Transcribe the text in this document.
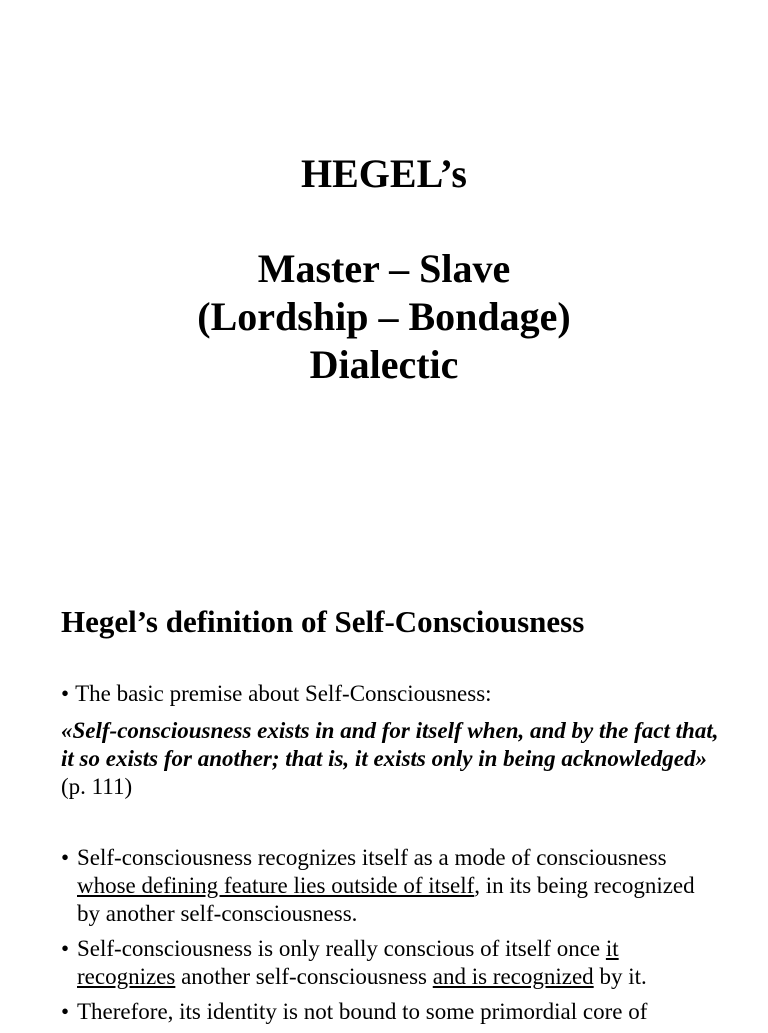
HEGEL’s
Master – Slave
(Lordship – Bondage)
Dialectic
Hegel’s definition of Self-Consciousness
• The basic premise about Self-Consciousness:
«Self-consciousness exists in and for itself when, and by the fact that, it so exists for another; that is, it exists only in being acknowledged» (p. 111)
• Self-consciousness recognizes itself as a mode of consciousness whose defining feature lies outside of itself, in its being recognized by another self-consciousness.
• Self-consciousness is only really conscious of itself once it recognizes another self-consciousness and is recognized by it.
• Therefore, its identity is not bound to some primordial core of
